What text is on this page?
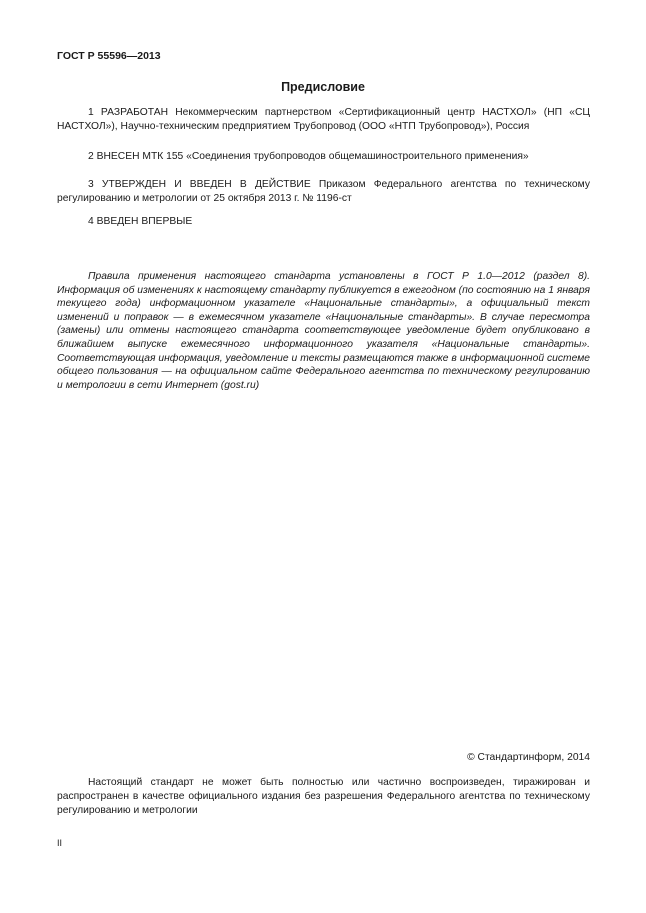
ГОСТ Р 55596—2013
Предисловие

1 РАЗРАБОТАН Некоммерческим партнерством «Сертификационный центр НАСТХОЛ» (НП «СЦ НАСТХОЛ»), Научно-техническим предприятием Трубопровод (ООО «НТП Трубопровод»), Россия

2 ВНЕСЕН МТК 155 «Соединения трубопроводов общемашиностроительного применения»

3 УТВЕРЖДЕН И ВВЕДЕН В ДЕЙСТВИЕ Приказом Федерального агентства по техническому регулированию и метрологии от 25 октября 2013 г. № 1196-ст

4 ВВЕДЕН ВПЕРВЫЕ

Правила применения настоящего стандарта установлены в ГОСТ Р 1.0—2012 (раздел 8). Информация об изменениях к настоящему стандарту публикуется в ежегодном (по состоянию на 1 января текущего года) информационном указателе «Национальные стандарты», а официальный текст изменений и поправок — в ежемесячном указателе «Национальные стандарты». В случае пересмотра (замены) или отмены настоящего стандарта соответствующее уведомление будет опубликовано в ближайшем выпуске ежемесячного информационного указателя «Национальные стандарты». Соответствующая информация, уведомление и тексты размещаются также в информационной системе общего пользования — на официальном сайте Федерального агентства по техническому регулированию и метрологии в сети Интернет (gost.ru)

© Стандартинформ, 2014

Настоящий стандарт не может быть полностью или частично воспроизведен, тиражирован и распространен в качестве официального издания без разрешения Федерального агентства по техническому регулированию и метрологии

II
